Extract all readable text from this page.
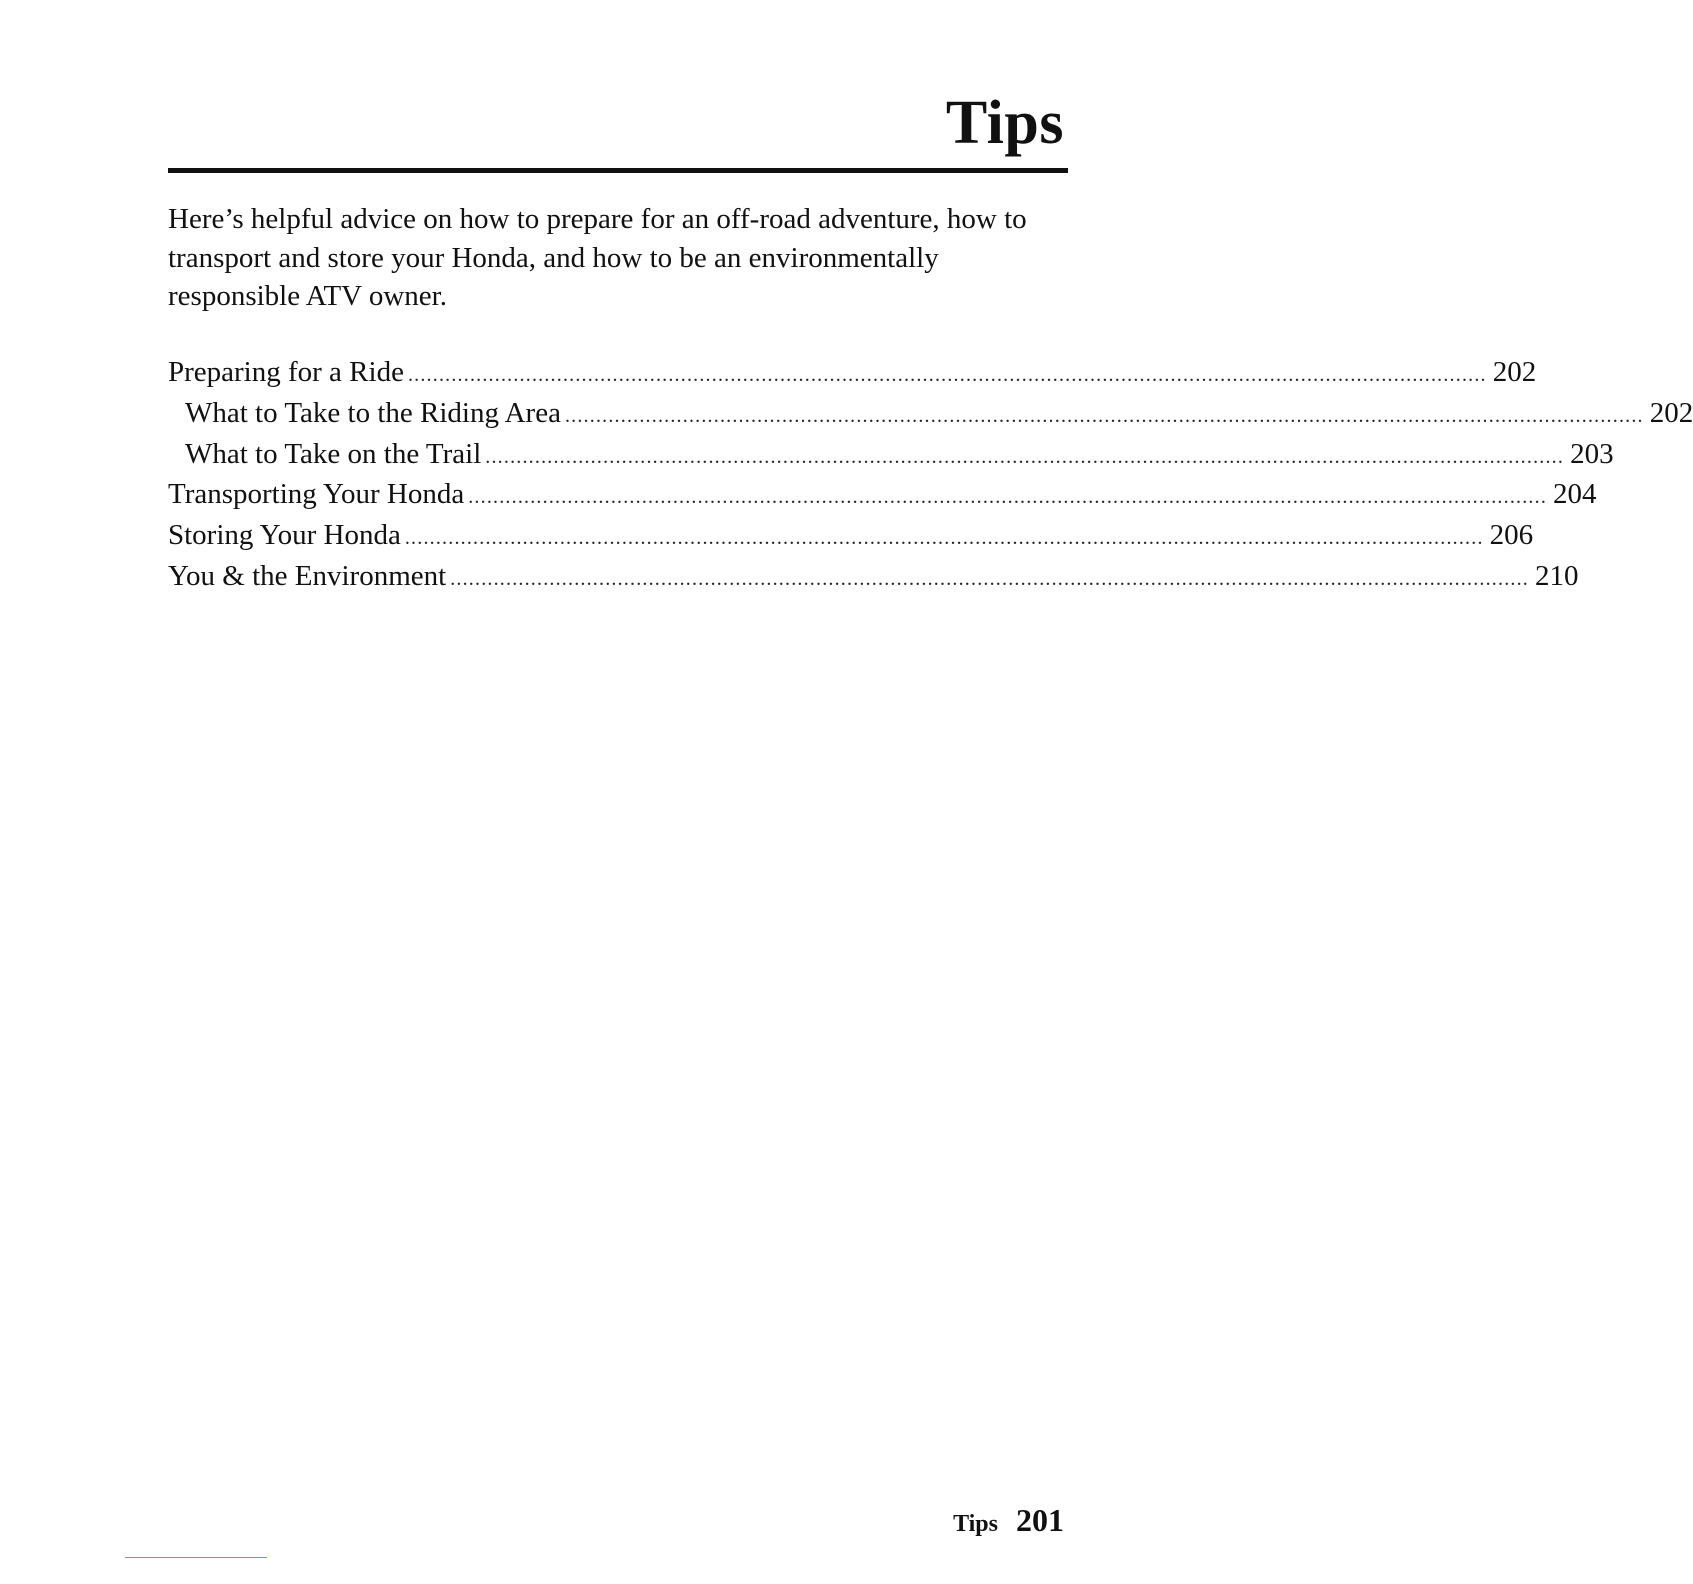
Tips

Here’s helpful advice on how to prepare for an off-road adventure, how to transport and store your Honda, and how to be an environmentally responsible ATV owner.

Preparing for a Ride .............................................................................................................................................................................. 202
What to Take to the Riding Area .............................................................................................................................................................................. 202
What to Take on the Trail .............................................................................................................................................................................. 203
Transporting Your Honda .............................................................................................................................................................................. 204
Storing Your Honda .............................................................................................................................................................................. 206
You & the Environment .............................................................................................................................................................................. 210
Tips 201
